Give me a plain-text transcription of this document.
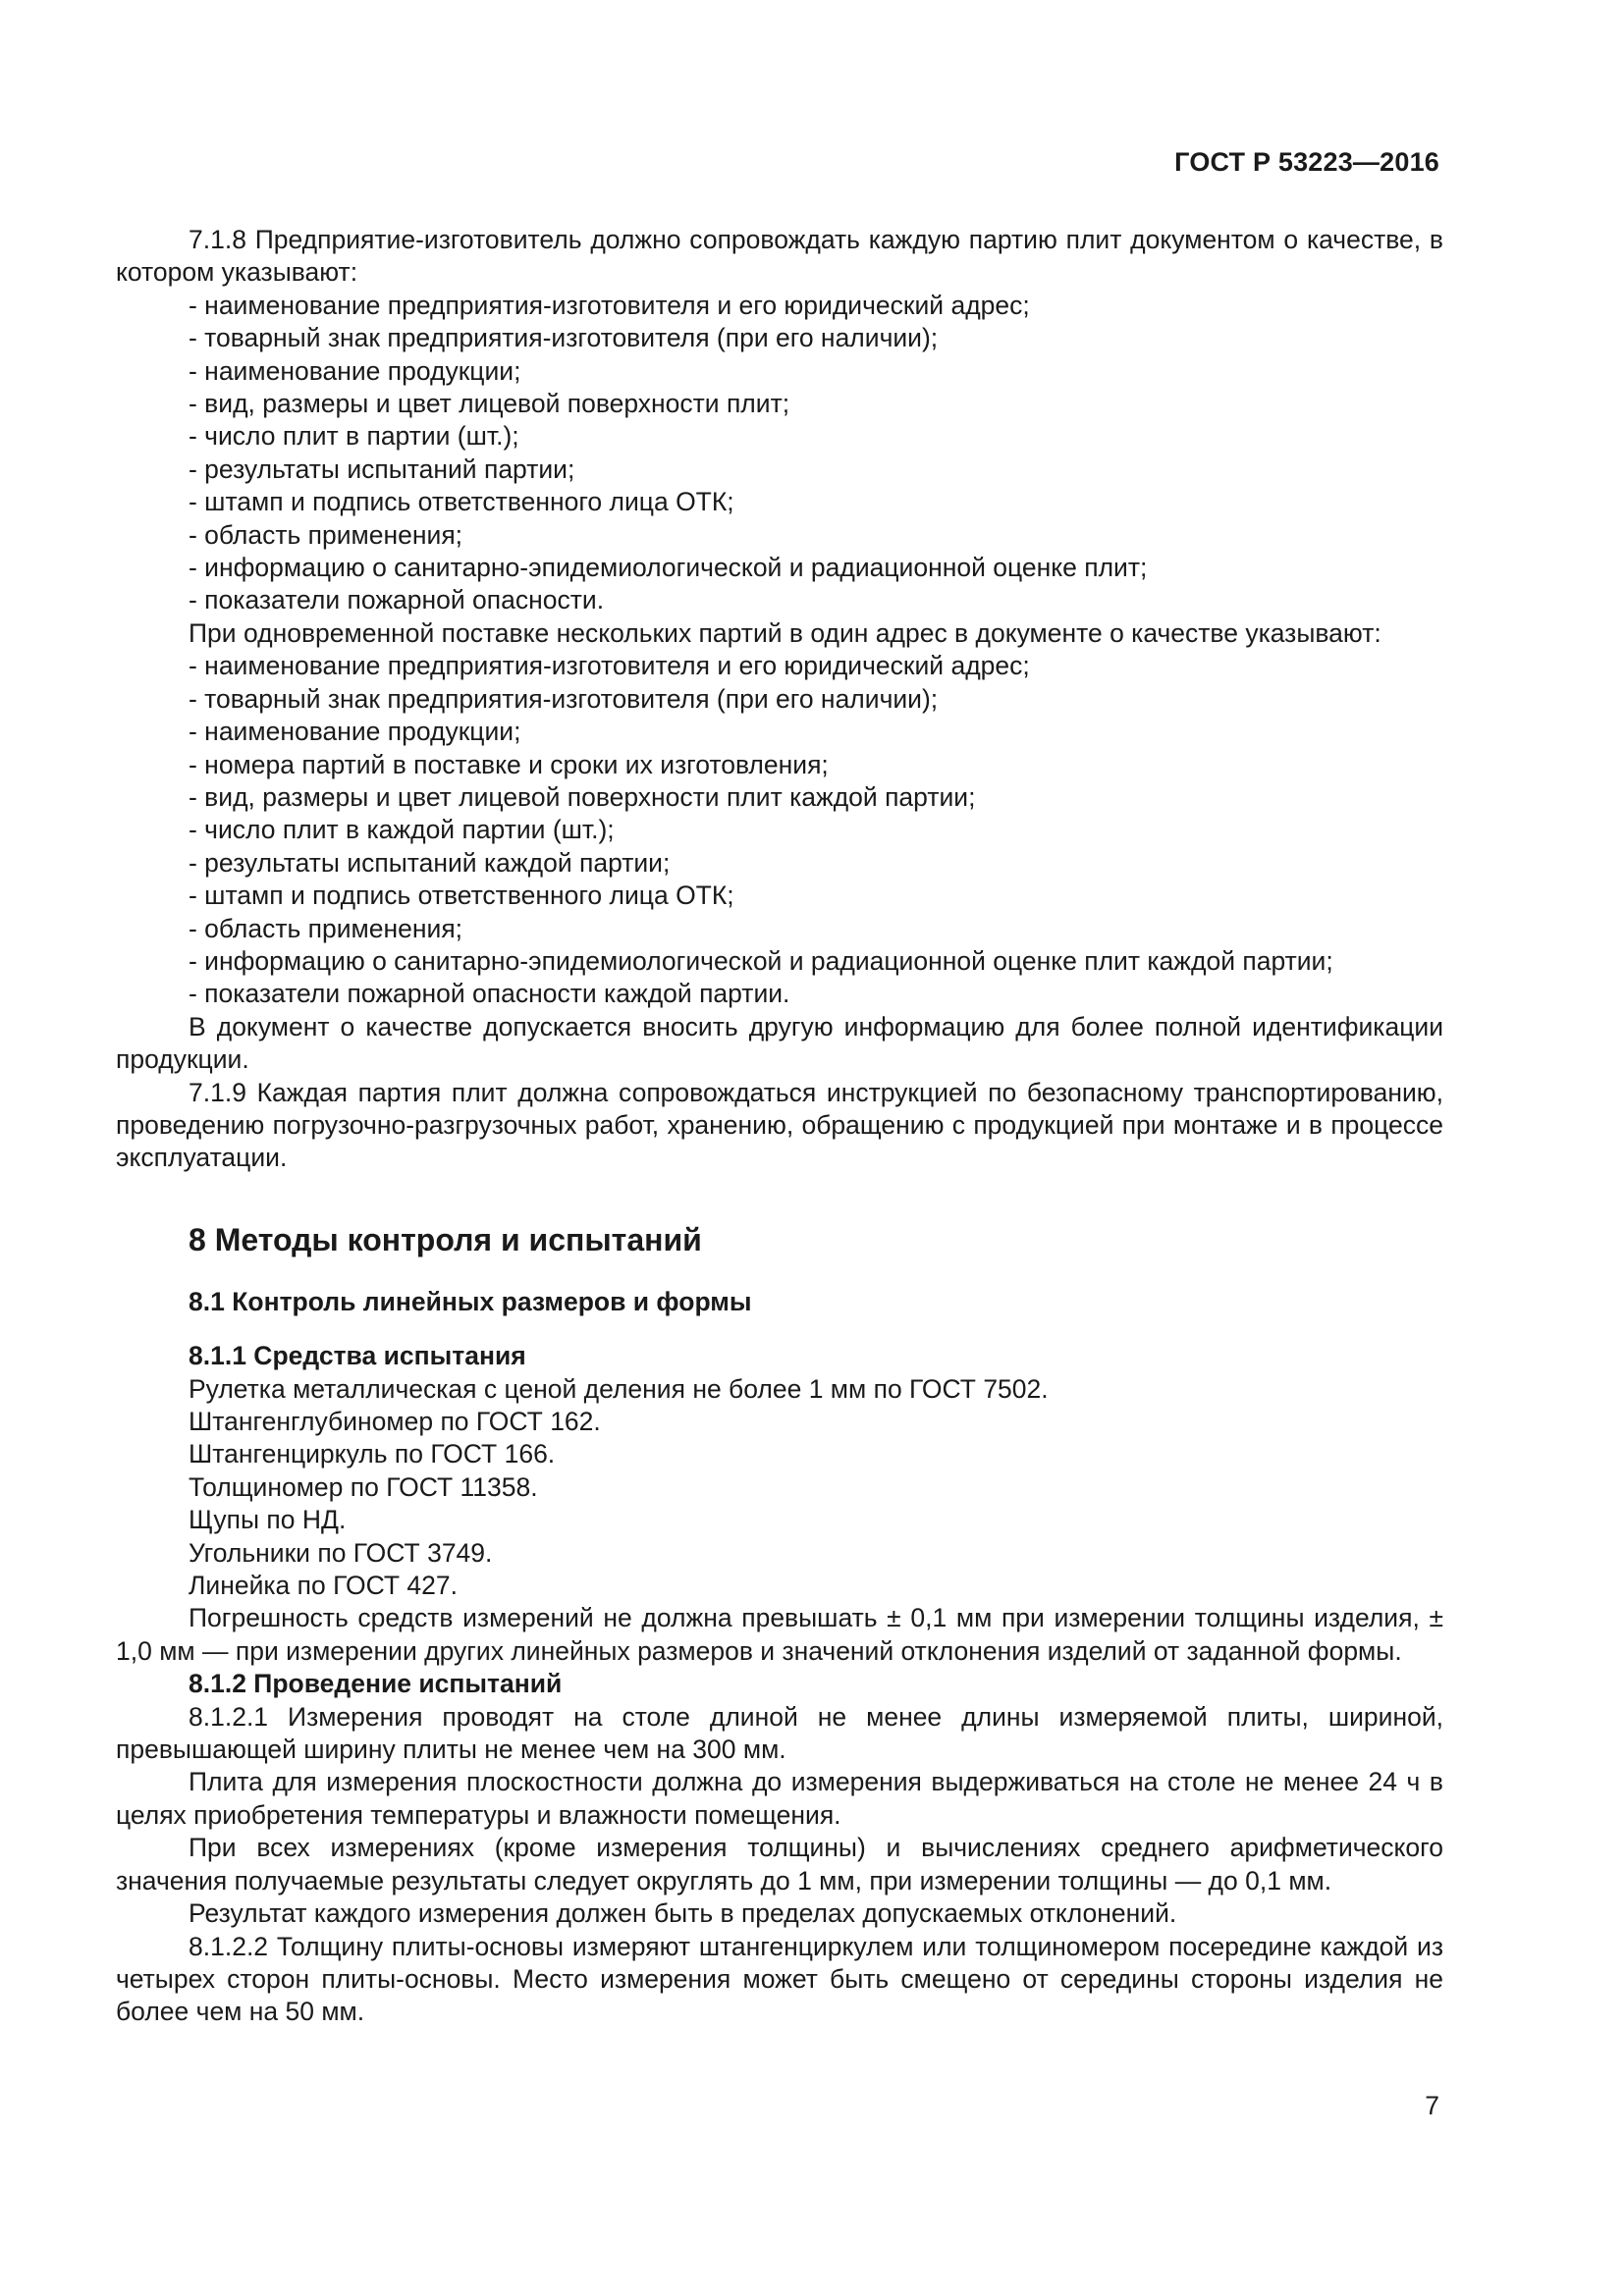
ГОСТ Р 53223—2016

7.1.8 Предприятие-изготовитель должно сопровождать каждую партию плит документом о качестве, в котором указывают:

- наименование предприятия-изготовителя и его юридический адрес;

- товарный знак предприятия-изготовителя (при его наличии);

- наименование продукции;

- вид, размеры и цвет лицевой поверхности плит;

- число плит в партии (шт.);

- результаты испытаний партии;

- штамп и подпись ответственного лица ОТК;

- область применения;

- информацию о санитарно-эпидемиологической и радиационной оценке плит;

- показатели пожарной опасности.

При одновременной поставке нескольких партий в один адрес в документе о качестве указывают:

- наименование предприятия-изготовителя и его юридический адрес;

- товарный знак предприятия-изготовителя (при его наличии);

- наименование продукции;

- номера партий в поставке и сроки их изготовления;

- вид, размеры и цвет лицевой поверхности плит каждой партии;

- число плит в каждой партии (шт.);

- результаты испытаний каждой партии;

- штамп и подпись ответственного лица ОТК;

- область применения;

- информацию о санитарно-эпидемиологической и радиационной оценке плит каждой партии;

- показатели пожарной опасности каждой партии.

В документ о качестве допускается вносить другую информацию для более полной идентификации продукции.

7.1.9 Каждая партия плит должна сопровождаться инструкцией по безопасному транспортированию, проведению погрузочно-разгрузочных работ, хранению, обращению с продукцией при монтаже и в процессе эксплуатации.

8 Методы контроля и испытаний
8.1 Контроль линейных размеров и формы
8.1.1 Средства испытания

Рулетка металлическая с ценой деления не более 1 мм по ГОСТ 7502.

Штангенглубиномер по ГОСТ 162.

Штангенциркуль по ГОСТ 166.

Толщиномер по ГОСТ 11358.

Щупы по НД.

Угольники по ГОСТ 3749.

Линейка по ГОСТ 427.

Погрешность средств измерений не должна превышать ± 0,1 мм при измерении толщины изделия, ± 1,0 мм — при измерении других линейных размеров и значений отклонения изделий от заданной формы.

8.1.2 Проведение испытаний

8.1.2.1 Измерения проводят на столе длиной не менее длины измеряемой плиты, шириной, превышающей ширину плиты не менее чем на 300 мм.

Плита для измерения плоскостности должна до измерения выдерживаться на столе не менее 24 ч в целях приобретения температуры и влажности помещения.

При всех измерениях (кроме измерения толщины) и вычислениях среднего арифметического значения получаемые результаты следует округлять до 1 мм, при измерении толщины — до 0,1 мм.

Результат каждого измерения должен быть в пределах допускаемых отклонений.

8.1.2.2 Толщину плиты-основы измеряют штангенциркулем или толщиномером посередине каждой из четырех сторон плиты-основы. Место измерения может быть смещено от середины стороны изделия не более чем на 50 мм.

7
